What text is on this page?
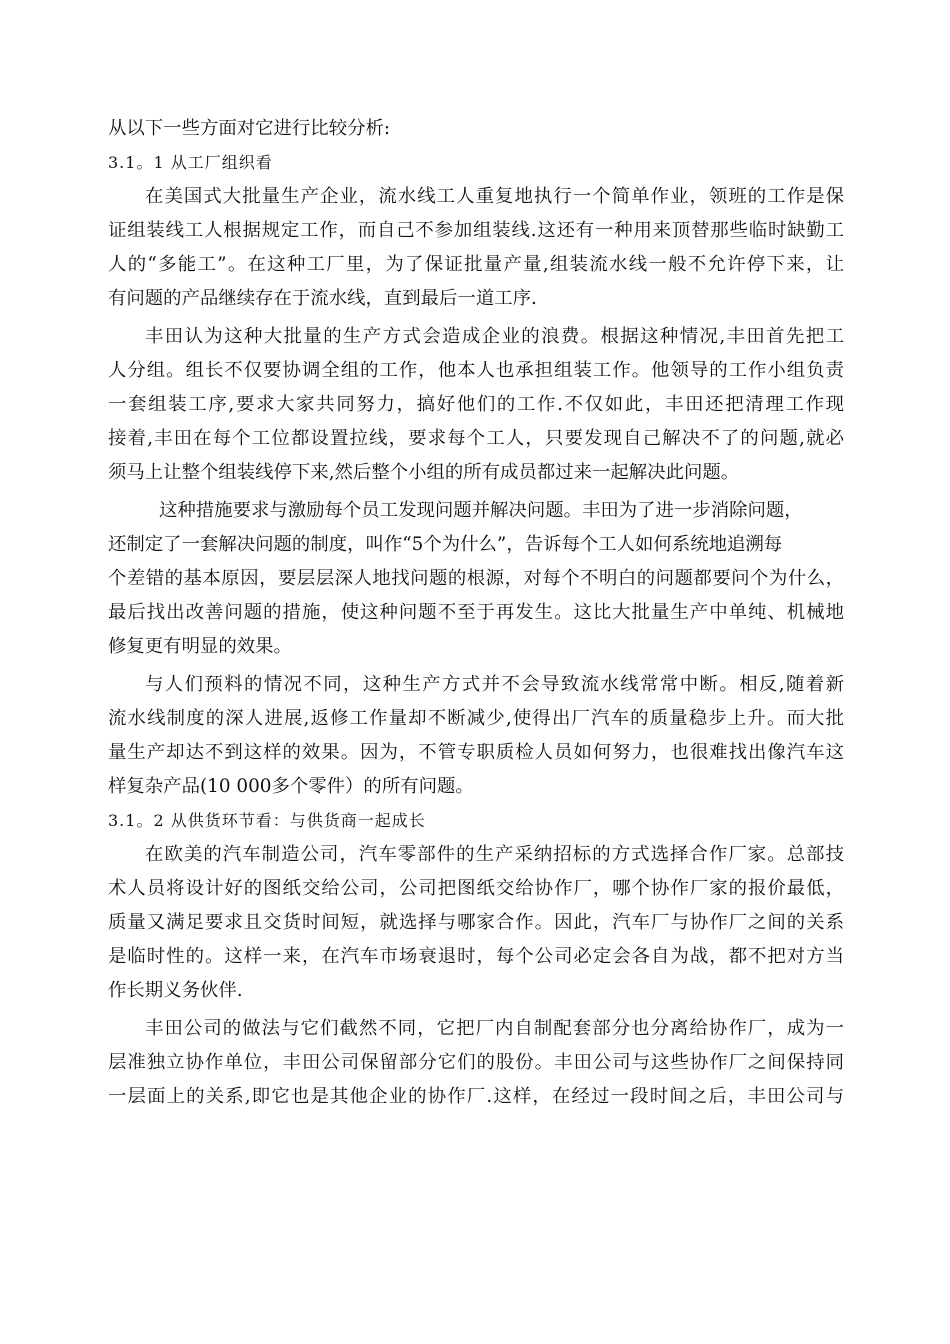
从以下一些方面对它进行比较分析:
3.1。1 从工厂组织看
在美国式大批量生产企业，流水线工人重复地执行一个简单作业，领班的工作是保
证组装线工人根据规定工作，而自己不参加组装线.这还有一种用来顶替那些临时缺勤工
人的“多能工”。在这种工厂里，为了保证批量产量,组装流水线一般不允许停下来，让
有问题的产品继续存在于流水线，直到最后一道工序.
丰田认为这种大批量的生产方式会造成企业的浪费。根据这种情况,丰田首先把工
人分组。组长不仅要协调全组的工作，他本人也承担组装工作。他领导的工作小组负责
一套组装工序,要求大家共同努力，搞好他们的工作.不仅如此，丰田还把清理工作现
接着,丰田在每个工位都设置拉线，要求每个工人，只要发现自己解决不了的问题,就必
须马上让整个组装线停下来,然后整个小组的所有成员都过来一起解决此问题。
这种措施要求与激励每个员工发现问题并解决问题。丰田为了进一步消除问题，
还制定了一套解决问题的制度，叫作“5个为什么”，告诉每个工人如何系统地追溯每
个差错的基本原因，要层层深人地找问题的根源，对每个不明白的问题都要问个为什么，
最后找出改善问题的措施，使这种问题不至于再发生。这比大批量生产中单纯、机械地
修复更有明显的效果。
与人们预料的情况不同，这种生产方式并不会导致流水线常常中断。相反,随着新
流水线制度的深人进展,返修工作量却不断减少,使得出厂汽车的质量稳步上升。而大批
量生产却达不到这样的效果。因为，不管专职质检人员如何努力，也很难找出像汽车这
样复杂产品(10 000多个零件）的所有问题。
3.1。2 从供货环节看：与供货商一起成长
在欧美的汽车制造公司，汽车零部件的生产采纳招标的方式选择合作厂家。总部技
术人员将设计好的图纸交给公司，公司把图纸交给协作厂，哪个协作厂家的报价最低，
质量又满足要求且交货时间短，就选择与哪家合作。因此，汽车厂与协作厂之间的关系
是临时性的。这样一来，在汽车市场衰退时，每个公司必定会各自为战，都不把对方当
作长期义务伙伴.
丰田公司的做法与它们截然不同，它把厂内自制配套部分也分离给协作厂，成为一
层准独立协作单位，丰田公司保留部分它们的股份。丰田公司与这些协作厂之间保持同
一层面上的关系,即它也是其他企业的协作厂.这样，在经过一段时间之后，丰田公司与
